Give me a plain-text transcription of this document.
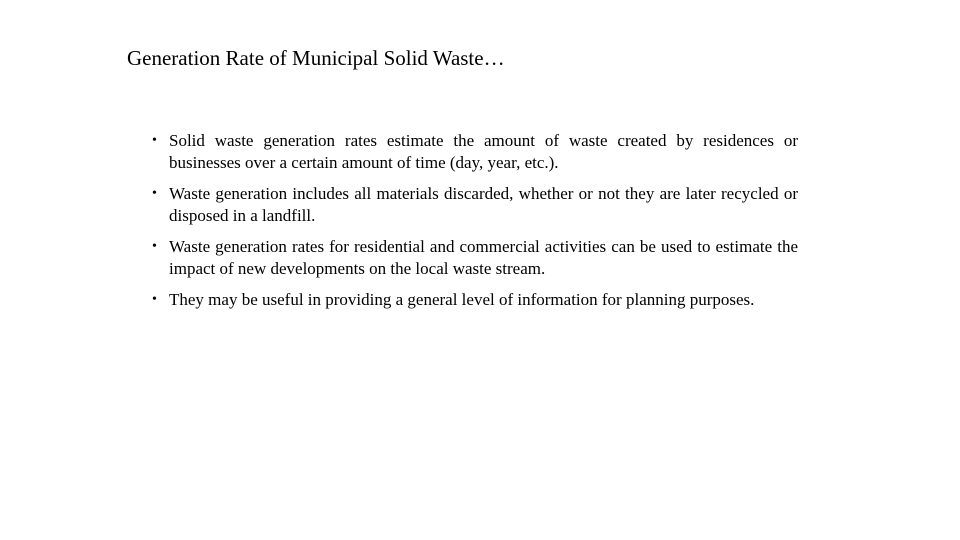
Generation Rate of Municipal Solid Waste…
• Solid waste generation rates estimate the amount of waste created by residences or businesses over a certain amount of time (day, year, etc.).
• Waste generation includes all materials discarded, whether or not they are later recycled or disposed in a landfill.
• Waste generation rates for residential and commercial activities can be used to estimate the impact of new developments on the local waste stream.
• They may be useful in providing a general level of information for planning purposes.
